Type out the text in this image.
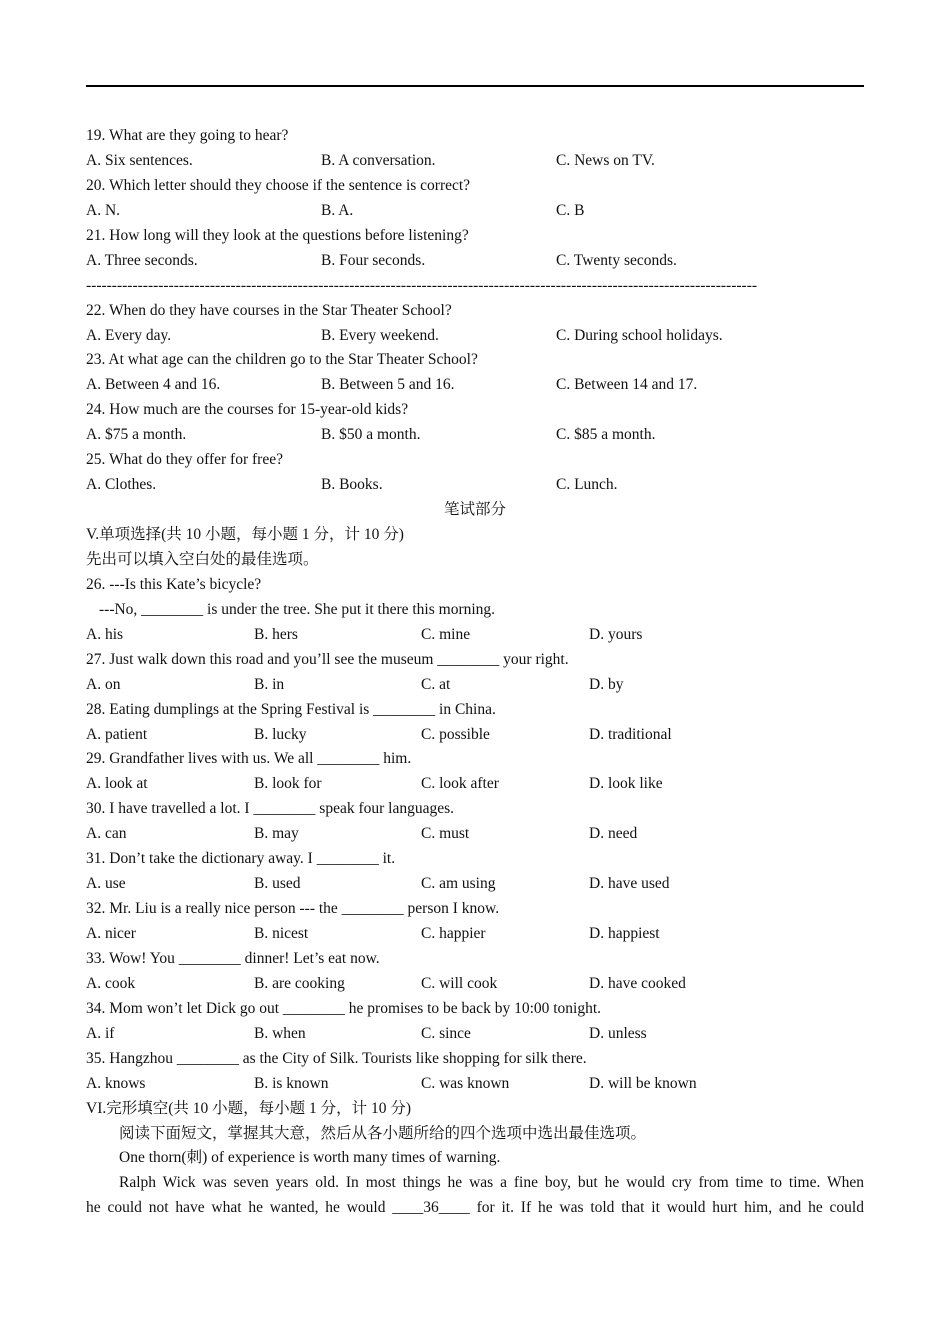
19. What are they going to hear?
A. Six sentences.	B. A conversation.	C. News on TV.
20. Which letter should they choose if the sentence is correct?
A. N.	B. A.	C. B
21. How long will they look at the questions before listening?
A. Three seconds.	B. Four seconds.	C. Twenty seconds.
----------------------------------------------------------------------------------------------------------------------------------
22. When do they have courses in the Star Theater School?
A. Every day.	B. Every weekend.	C. During school holidays.
23. At what age can the children go to the Star Theater School?
A. Between 4 and 16.	B. Between 5 and 16.	C. Between 14 and 17.
24. How much are the courses for 15-year-old kids?
A. $75 a month.	B. $50 a month.	C. $85 a month.
25. What do they offer for free?
A. Clothes.	B. Books.	C. Lunch.
笔试部分
V.单项选择(共 10 小题，每小题 1 分，计 10 分)
先出可以填入空白处的最佳选项。
26. ---Is this Kate’s bicycle?
---No, ________ is under the tree. She put it there this morning.
A. his	B. hers	C. mine	D. yours
27. Just walk down this road and you’ll see the museum ________ your right.
A. on	B. in	C. at	D. by
28. Eating dumplings at the Spring Festival is ________ in China.
A. patient	B. lucky	C. possible	D. traditional
29. Grandfather lives with us. We all ________ him.
A. look at	B. look for	C. look after	D. look like
30. I have travelled a lot. I ________ speak four languages.
A. can	B. may	C. must	D. need
31. Don’t take the dictionary away. I ________ it.
A. use	B. used	C. am using	D. have used
32. Mr. Liu is a really nice person --- the ________ person I know.
A. nicer	B. nicest	C. happier	D. happiest
33. Wow! You ________ dinner! Let’s eat now.
A. cook	B. are cooking	C. will cook	D. have cooked
34. Mom won’t let Dick go out ________ he promises to be back by 10:00 tonight.
A. if	B. when	C. since	D. unless
35. Hangzhou ________ as the City of Silk. Tourists like shopping for silk there.
A. knows	B. is known	C. was known	D. will be known
VI.完形填空(共 10 小题，每小题 1 分，计 10 分)
阅读下面短文，掌握其大意，然后从各小题所给的四个选项中选出最佳选项。
One thorn(刺) of experience is worth many times of warning.
Ralph Wick was seven years old. In most things he was a fine boy, but he would cry from time to time. When
he could not have what he wanted, he would ____36____ for it. If he was told that it would hurt him, and he could
